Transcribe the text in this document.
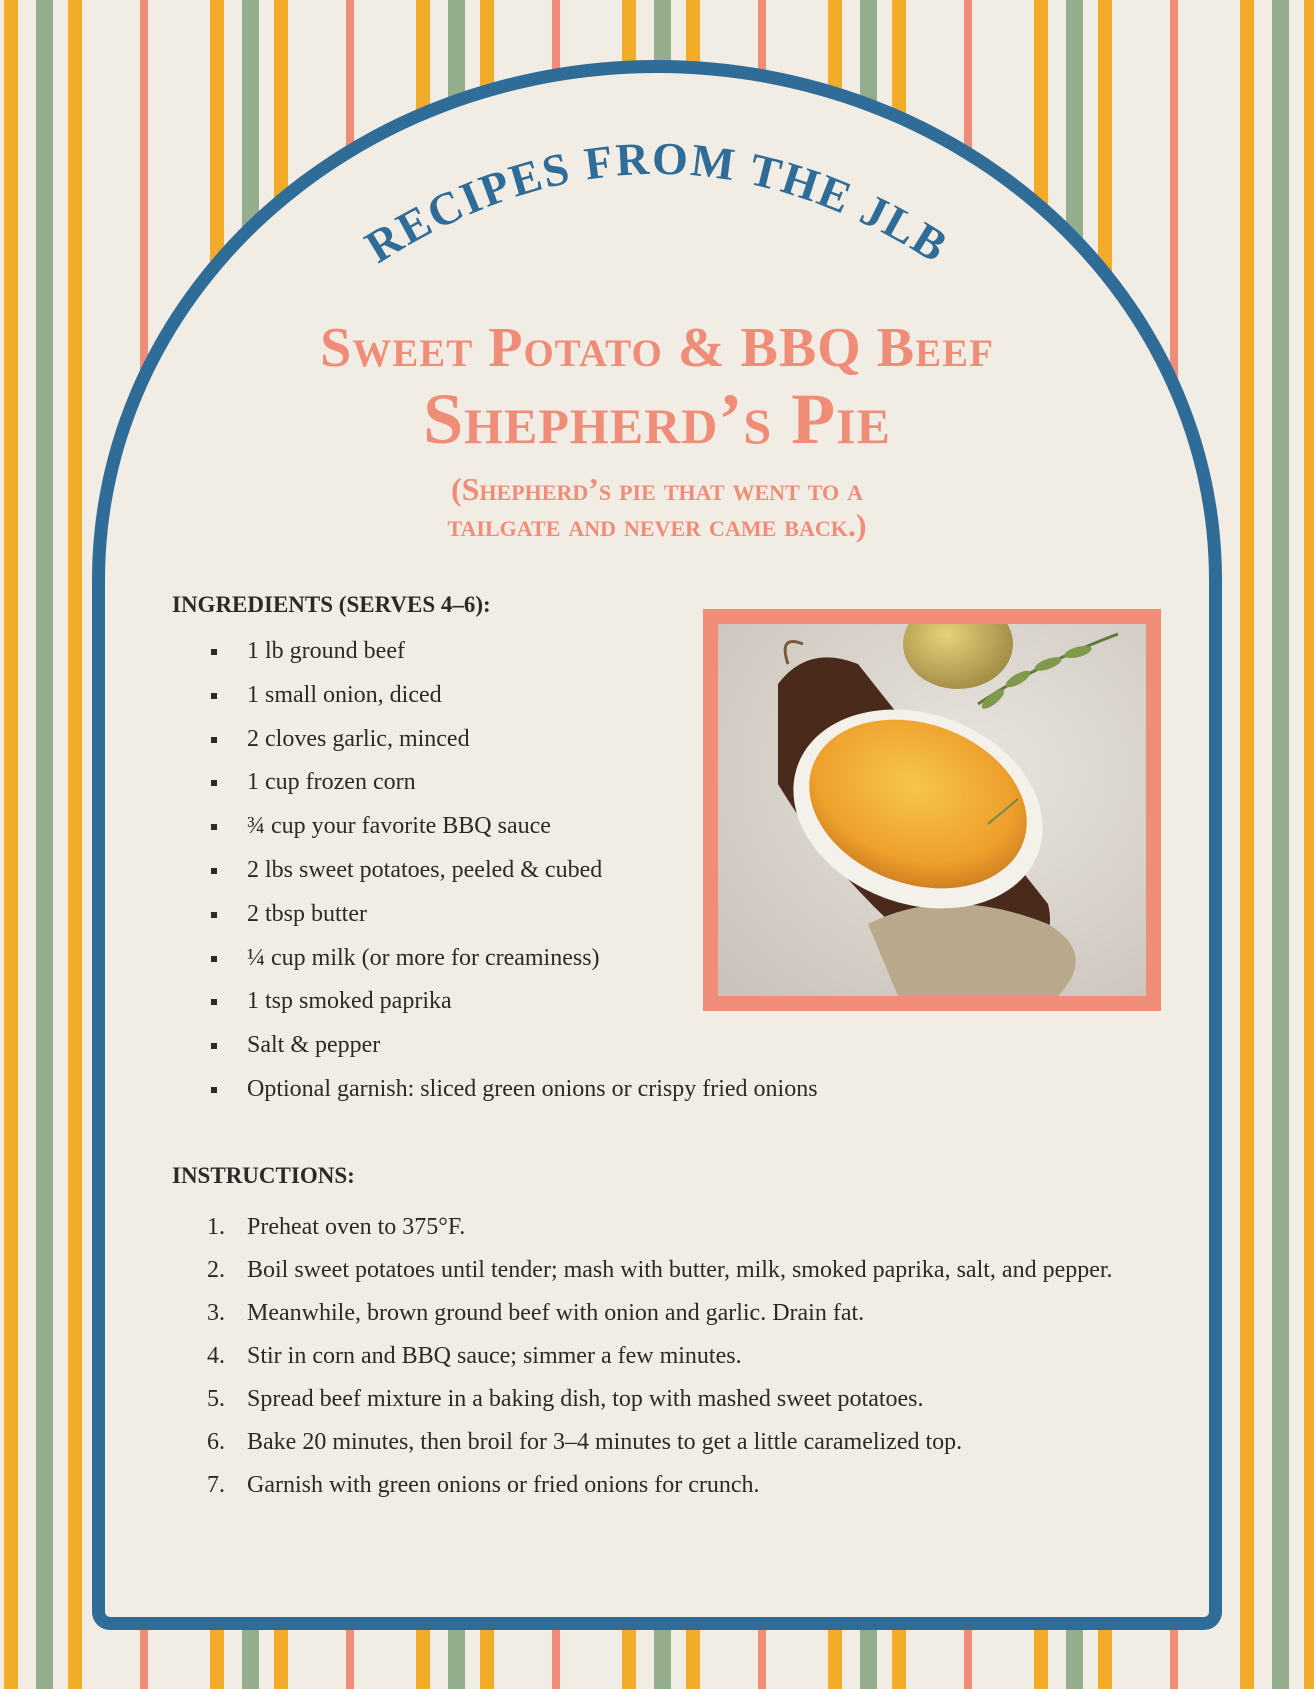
RECIPES FROM THE JLB
Sweet Potato & BBQ Beef
Shepherd’s Pie
(Shepherd’s pie that went to a
tailgate and never came back.)
INGREDIENTS (SERVES 4–6):
1 lb ground beef
1 small onion, diced
2 cloves garlic, minced
1 cup frozen corn
¾ cup your favorite BBQ sauce
2 lbs sweet potatoes, peeled & cubed
2 tbsp butter
¼ cup milk (or more for creaminess)
1 tsp smoked paprika
Salt & pepper
Optional garnish: sliced green onions or crispy fried onions
INSTRUCTIONS:
1. Preheat oven to 375°F.
2. Boil sweet potatoes until tender; mash with butter, milk, smoked paprika, salt, and pepper.
3. Meanwhile, brown ground beef with onion and garlic. Drain fat.
4. Stir in corn and BBQ sauce; simmer a few minutes.
5. Spread beef mixture in a baking dish, top with mashed sweet potatoes.
6. Bake 20 minutes, then broil for 3–4 minutes to get a little caramelized top.
7. Garnish with green onions or fried onions for crunch.
